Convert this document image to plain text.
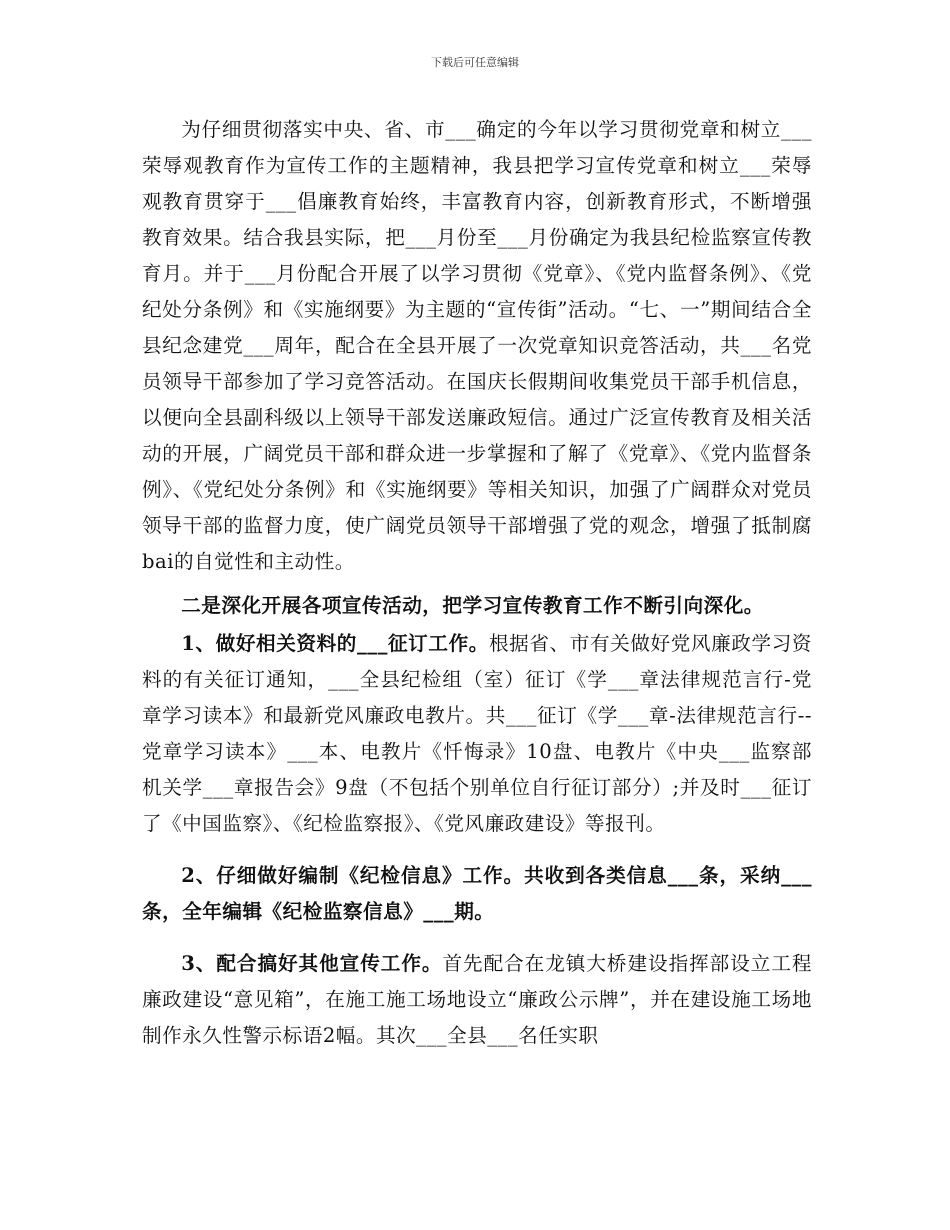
下载后可任意编辑

为仔细贯彻落实中央、省、市___确定的今年以学习贯彻党章和树立___荣辱观教育作为宣传工作的主题精神，我县把学习宣传党章和树立___荣辱观教育贯穿于___倡廉教育始终，丰富教育内容，创新教育形式，不断增强教育效果。结合我县实际，把___月份至___月份确定为我县纪检监察宣传教育月。并于___月份配合开展了以学习贯彻《党章》、《党内监督条例》、《党纪处分条例》和《实施纲要》为主题的“宣传街”活动。“七、一”期间结合全县纪念建党___周年，配合在全县开展了一次党章知识竞答活动，共___名党员领导干部参加了学习竞答活动。在国庆长假期间收集党员干部手机信息，以便向全县副科级以上领导干部发送廉政短信。通过广泛宣传教育及相关活动的开展，广阔党员干部和群众进一步掌握和了解了《党章》、《党内监督条例》、《党纪处分条例》和《实施纲要》等相关知识，加强了广阔群众对党员领导干部的监督力度，使广阔党员领导干部增强了党的观念，增强了抵制腐bai的自觉性和主动性。

二是深化开展各项宣传活动，把学习宣传教育工作不断引向深化。

1、做好相关资料的___征订工作。根据省、市有关做好党风廉政学习资料的有关征订通知，___全县纪检组（室）征订《学___章法律规范言行-党章学习读本》和最新党风廉政电教片。共___征订《学___章-法律规范言行--党章学习读本》___本、电教片《忏悔录》10盘、电教片《中央___监察部机关学___章报告会》9盘（不包括个别单位自行征订部分）;并及时___征订了《中国监察》、《纪检监察报》、《党风廉政建设》等报刊。

2、仔细做好编制《纪检信息》工作。共收到各类信息___条，采纳___条，全年编辑《纪检监察信息》___期。

3、配合搞好其他宣传工作。首先配合在龙镇大桥建设指挥部设立工程廉政建设“意见箱”，在施工施工场地设立“廉政公示牌”，并在建设施工场地制作永久性警示标语2幅。其次___全县___名任实职
